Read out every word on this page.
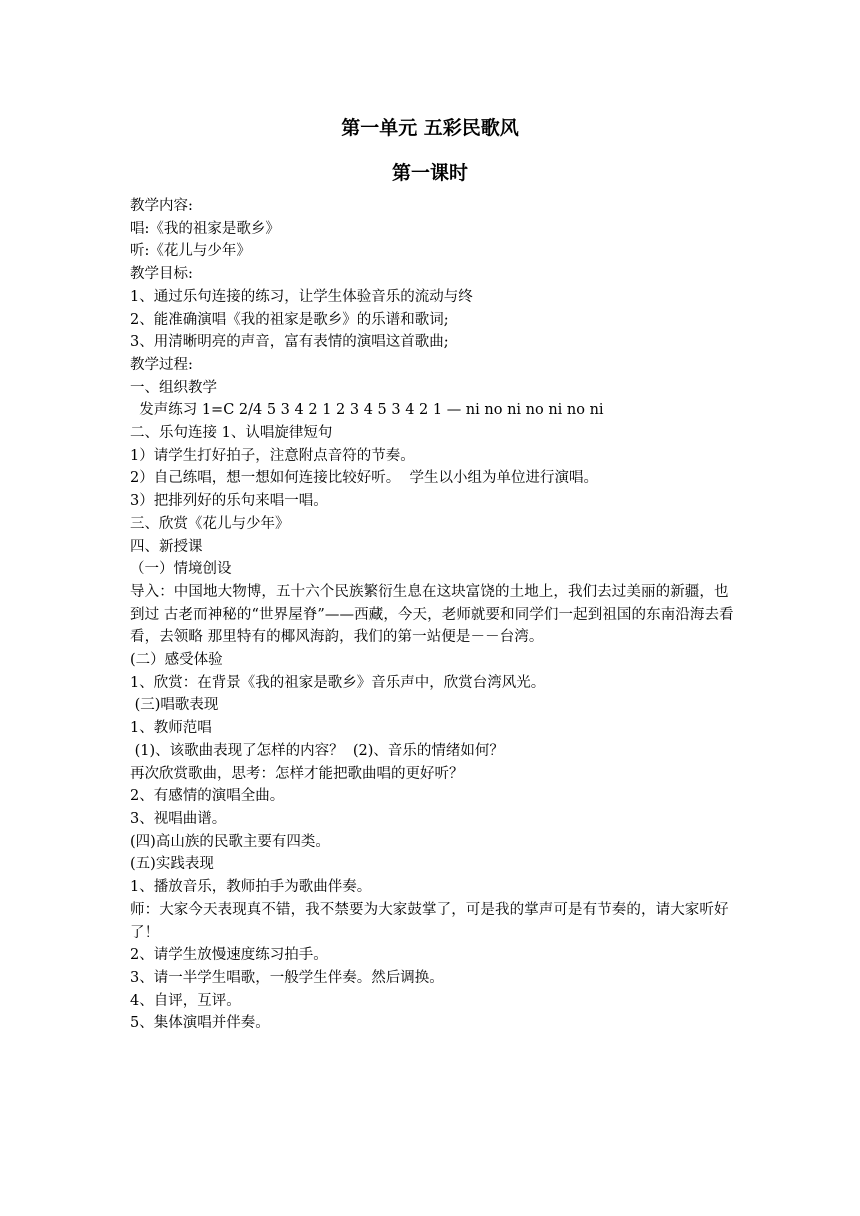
第一单元 五彩民歌风
第一课时

教学内容:

唱:《我的祖家是歌乡》

听:《花儿与少年》

教学目标:

1、通过乐句连接的练习，让学生体验音乐的流动与终

2、能准确演唱《我的祖家是歌乡》的乐谱和歌词;

3、用清晰明亮的声音，富有表情的演唱这首歌曲;

教学过程:

一、组织教学

发声练习 1=C 2/4 5 3 4 2 1 2 3 4 5 3 4 2 1 — ni no ni no ni no ni

二、乐句连接 1、认唱旋律短句

1）请学生打好拍子，注意附点音符的节奏。

2）自己练唱，想一想如何连接比较好听。  学生以小组为单位进行演唱。

3）把排列好的乐句来唱一唱。

三、欣赏《花儿与少年》

四、新授课

（一）情境创设

导入：中国地大物博，五十六个民族繁衍生息在这块富饶的土地上，我们去过美丽的新疆，也到过 古老而神秘的“世界屋脊”——西藏，今天，老师就要和同学们一起到祖国的东南沿海去看看，去领略 那里特有的椰风海韵，我们的第一站便是－－台湾。

(二）感受体验

1、欣赏：在背景《我的祖家是歌乡》音乐声中，欣赏台湾风光。

(三)唱歌表现

1、教师范唱

(1)、该歌曲表现了怎样的内容？  (2)、音乐的情绪如何？

再次欣赏歌曲，思考：怎样才能把歌曲唱的更好听？

2、有感情的演唱全曲。

3、视唱曲谱。

(四)高山族的民歌主要有四类。

(五)实践表现

1、播放音乐，教师拍手为歌曲伴奏。

师：大家今天表现真不错，我不禁要为大家鼓掌了，可是我的掌声可是有节奏的，请大家听好了！

2、请学生放慢速度练习拍手。

3、请一半学生唱歌，一般学生伴奏。然后调换。

4、自评，互评。

5、集体演唱并伴奏。
